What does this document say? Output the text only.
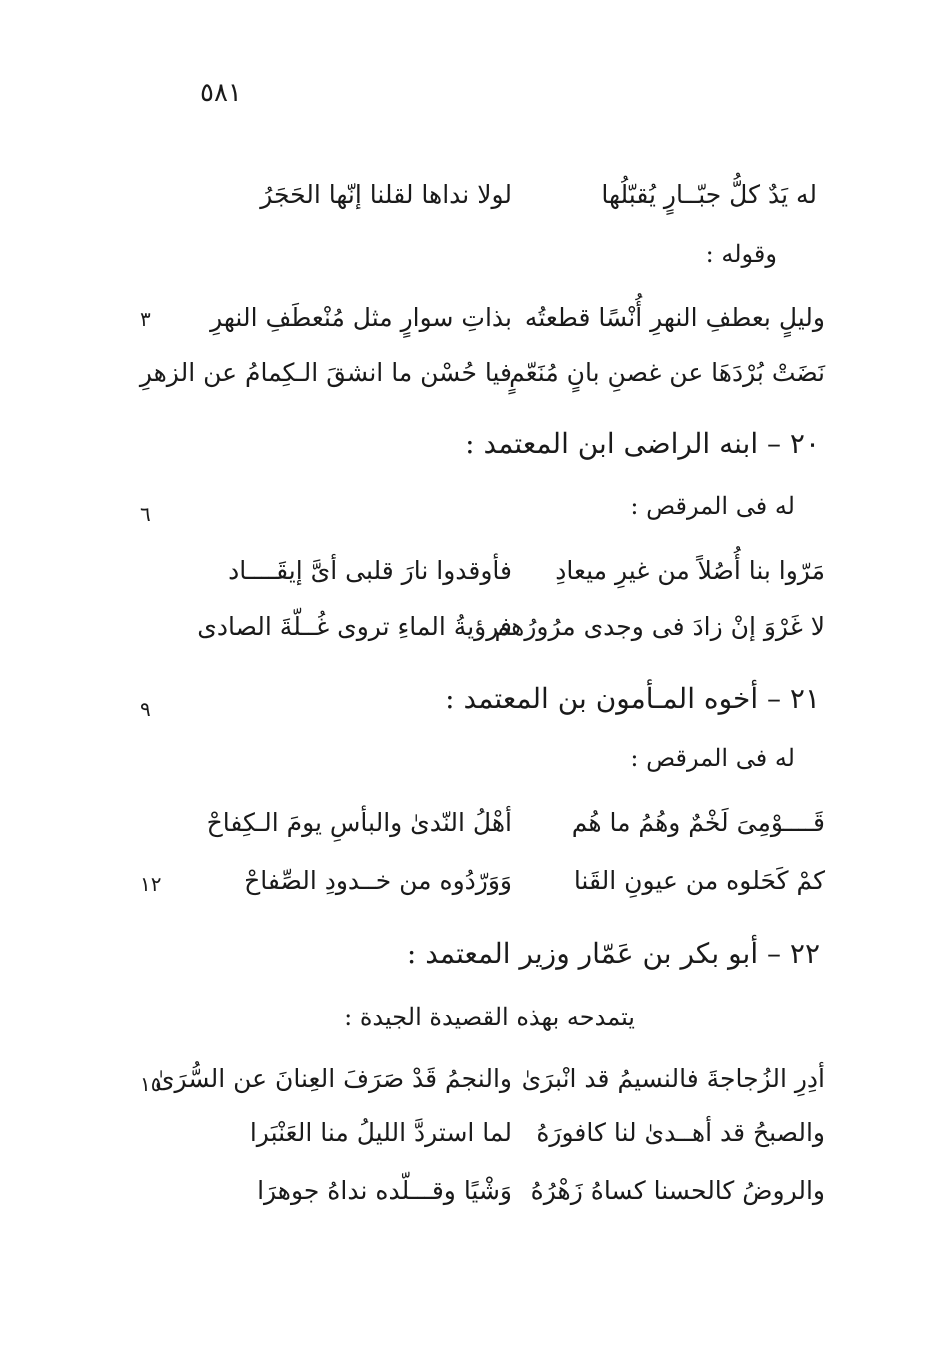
٥٨١
له يَدٌ كلُّ جبّــارٍ يُقبّلُها
لولا نداها لقلنا إنّها الحَجَرُ
وقوله :
وليلٍ بعطفِ النهرِ أُنْسًا قطعتُه
بذاتِ سوارٍ مثل مُنْعطَفِ النهرِ
٣
نَضَتْ بُرْدَهَا عن غصنِ بانٍ مُنَعّمٍ
فيا حُسْن ما انشقَ الـكِمامُ عن الزهرِ
٢٠ – ابنه الراضى ابن المعتمد :
له فى المرقص :
٦
مَرّوا بنا أُصُلاً من غيرِ ميعادِ
فأوقدوا نارَ قلبى أىَّ إيقَــــاد
لا غَرْوَ إنْ زادَ فى وجدى مرُورُهم
فرؤيةُ الماءِ تروى غُــلّةَ الصادى
٢١ – أخوه المـأمون بن المعتمد :
٩
له فى المرقص :
قَــــوْمِىَ لَخْمٌ وهُمُ ما هُم
أهْلُ النّدىٰ والبأسِ يومَ الـكِفاحْ
كمْ كَحَلوه من عيونِ القَنا
وَوَرّدُوه من خــدودِ الصِّفاحْ
١٢
٢٢ – أبو بكر بن عَمّار وزير المعتمد :
يتمدحه بهذه القصيدة الجيدة :
أدِرِ الزُجاجةَ فالنسيمُ قد انْبرَىٰ
والنجمُ قَدْ صَرَفَ العِنانَ عن السُّرَىٰ
١٥
والصبحُ قد أهــدىٰ لنا كافورَهُ
لما استردَّ الليلُ منا العَنْبَرا
والروضُ كالحسنا كساهُ زَهْرُهُ
وَشْيًا وقـــلّده نداهُ جوهرَا
